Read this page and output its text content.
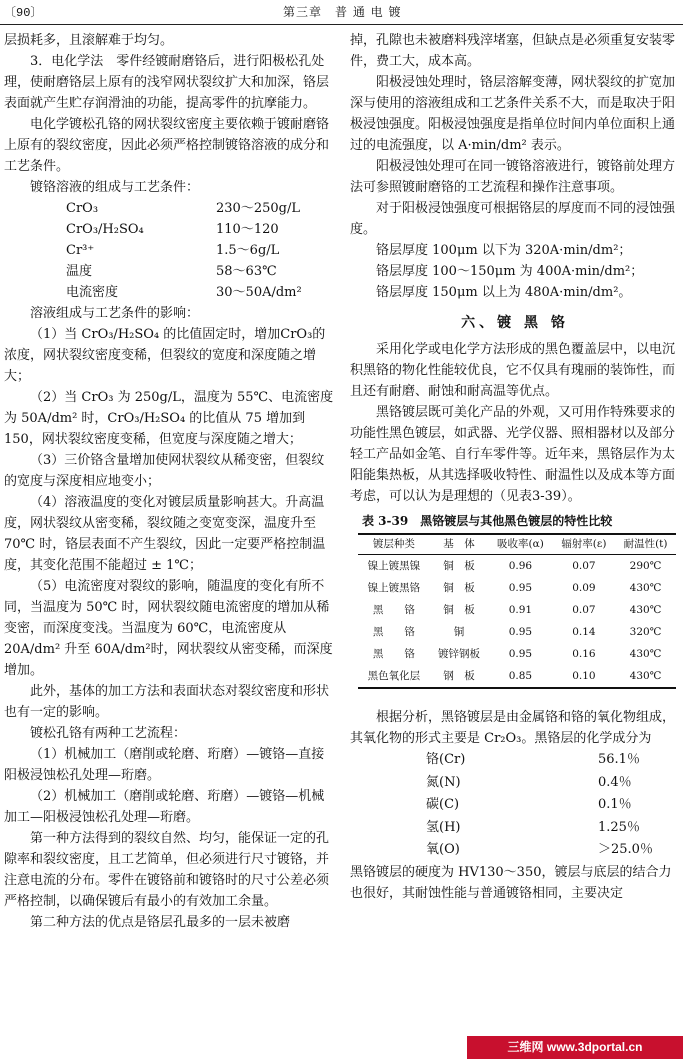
〔90〕	第三章　普 通 电 镀

层损耗多，且滚解难于均匀。

3．电化学法　零件经镀耐磨铬后，进行阳极松孔处理，使耐磨铬层上原有的浅窄网状裂纹扩大和加深，铬层表面就产生贮存润滑油的功能，提高零件的抗摩能力。

电化学镀松孔铬的网状裂纹密度主要依赖于镀耐磨铬上原有的裂纹密度，因此必须严格控制镀铬溶液的成分和工艺条件。

镀铬溶液的组成与工艺条件：

CrO₃	230～250g/L
CrO₃/H₂SO₄	110～120
Cr³⁺	1.5～6g/L
温度	58～63℃
电流密度	30～50A/dm²

溶液组成与工艺条件的影响：

（1）当 CrO₃/H₂SO₄ 的比值固定时，增加CrO₃的浓度，网状裂纹密度变稀，但裂纹的宽度和深度随之增大；

（2）当 CrO₃ 为 250g/L，温度为 55℃、电流密度为 50A/dm² 时，CrO₃/H₂SO₄ 的比值从 75 增加到 150，网状裂纹密度变稀，但宽度与深度随之增大；

（3）三价铬含量增加使网状裂纹从稀变密，但裂纹的宽度与深度相应地变小；

（4）溶液温度的变化对镀层质量影响甚大。升高温度，网状裂纹从密变稀，裂纹随之变宽变深，温度升至 70℃ 时，铬层表面不产生裂纹，因此一定要严格控制温度，其变化范围不能超过 ± 1℃；

（5）电流密度对裂纹的影响，随温度的变化有所不同，当温度为 50℃ 时，网状裂纹随电流密度的增加从稀变密，而深度变浅。当温度为 60℃，电流密度从 20A/dm² 升至 60A/dm²时，网状裂纹从密变稀，而深度增加。

此外，基体的加工方法和表面状态对裂纹密度和形状也有一定的影响。

镀松孔铬有两种工艺流程：

（1）机械加工（磨削或轮磨、珩磨）—镀铬—直接阳极浸蚀松孔处理—珩磨。

（2）机械加工（磨削或轮磨、珩磨）—镀铬—机械加工—阳极浸蚀松孔处理—珩磨。

第一种方法得到的裂纹自然、均匀，能保证一定的孔隙率和裂纹密度，且工艺简单，但必须进行尺寸镀铬，并注意电流的分布。零件在镀铬前和镀铬时的尺寸公差必须严格控制，以确保镀后有最小的有效加工余量。

第二种方法的优点是铬层孔最多的一层未被磨

掉，孔隙也未被磨料残滓堵塞，但缺点是必须重复安装零件，费工大，成本高。

阳极浸蚀处理时，铬层溶解变薄，网状裂纹的扩宽加深与使用的溶液组成和工艺条件关系不大，而是取决于阳极浸蚀强度。阳极浸蚀强度是指单位时间内单位面积上通过的电流强度，以 A·min/dm² 表示。

阳极浸蚀处理可在同一镀铬溶液进行，镀铬前处理方法可参照镀耐磨铬的工艺流程和操作注意事项。

对于阳极浸蚀强度可根据铬层的厚度而不同的浸蚀强度。

铬层厚度 100μm 以下为 320A·min/dm²；

铬层厚度 100～150μm 为 400A·min/dm²；

铬层厚度 150μm 以上为 480A·min/dm²。

六、镀 黑 铬

采用化学或电化学方法形成的黑色覆盖层中，以电沉积黑铬的物化性能较优良，它不仅具有瑰丽的装饰性，而且还有耐磨、耐蚀和耐高温等优点。

黑铬镀层既可美化产品的外观，又可用作特殊要求的功能性黑色镀层，如武器、光学仪器、照相器材以及部分轻工产品如金笔、自行车零件等。近年来，黑铬层作为太阳能集热板，从其选择吸收特性、耐温性以及成本等方面考虑，可以认为是理想的（见表3-39）。

表 3-39　黑铬镀层与其他黑色镀层的特性比较
镀层种类	基　体	吸收率(α)	辐射率(ε)	耐温性(t)
镍上镀黑镍	铜　板	0.96	0.07	290℃
镍上镀黑铬	铜　板	0.95	0.09	430℃
黑　　铬	铜　板	0.91	0.07	430℃
黑　　铬	铜	0.95	0.14	320℃
黑　　铬	镀锌钢板	0.95	0.16	430℃
黑色氧化层	钢　板	0.85	0.10	430℃

根据分析，黑铬镀层是由金属铬和铬的氧化物组成，其氧化物的形式主要是 Cr₂O₃。黑铬层的化学成分为

铬(Cr)	56.1％
氮(N)	0.4％
碳(C)	0.1％
氢(H)	1.25％
氧(O)	＞25.0％

黑铬镀层的硬度为 HV130～350，镀层与底层的结合力也很好，其耐蚀性能与普通镀铬相同，主要决定

三维网 www.3dportal.cn
